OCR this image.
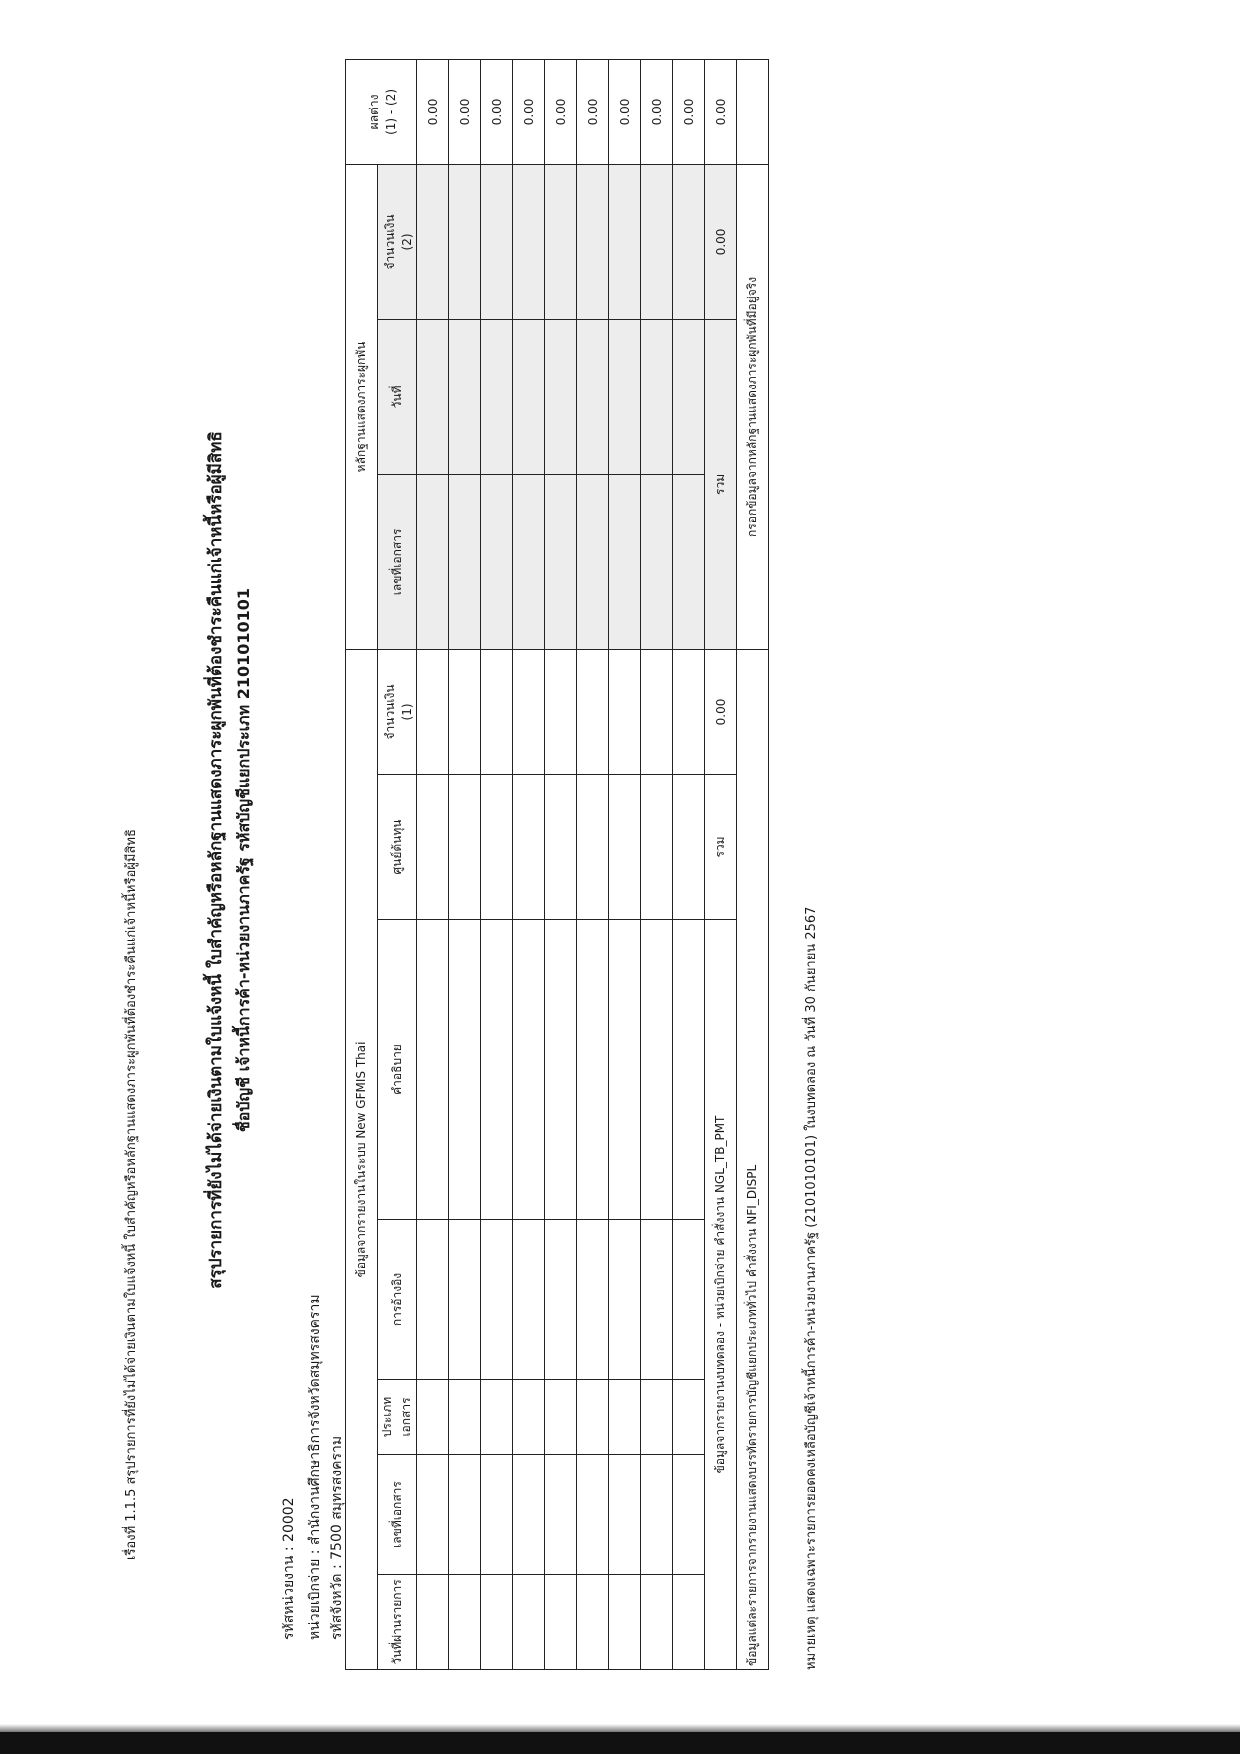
เรื่องที่ 1.1.5 สรุปรายการที่ยังไม่ได้จ่ายเงินตามใบแจ้งหนี้ ใบสำคัญหรือหลักฐานแสดงภาระผูกพันที่ต้องชำระคืนแก่เจ้าหนี้หรือผู้มีสิทธิ	สรุปรายการที่ยังไม่ได้จ่ายเงินตามใบแจ้งหนี้ ใบสำคัญหรือหลักฐานแสดงภาระผูกพันที่ต้องชำระคืนแก่เจ้าหนี้หรือผู้มีสิทธิ ชื่อบัญชี เจ้าหนี้การค้า-หน่วยงานภาครัฐ รหัสบัญชีแยกประเภท 2101010101
รหัสหน่วยงาน : 20002 หน่วยเบิกจ่าย : สำนักงานศึกษาธิการจังหวัดสมุทรสงคราม รหัสจังหวัด : 7500 สมุทรสงคราม
ข้อมูลจากรายงานในระบบ New GFMIS Thai							หลักฐานแสดงภาระผูกพัน			ผลต่าง (1) - (2)
วันที่ผ่านรายการ	เลขที่เอกสาร	ประเภทเอกสาร	การอ้างอิง	คำอธิบาย	ศูนย์ต้นทุน	จำนวนเงิน (1)	เลขที่เอกสาร	วันที่	จำนวนเงิน (2)	
										0.00
										0.00
										0.00
										0.00
										0.00
										0.00
										0.00
										0.00
										0.00
ข้อมูลจากรายงานงบทดลอง - หน่วยเบิกจ่าย คำสั่งงาน NGL_TB_PMT					รวม	0.00	รวม		0.00	0.00
ข้อมูลแต่ละรายการจากรายงานแสดงบรรทัดรายการบัญชีแยกประเภททั่วไป คำสั่งงาน NFI_DISPL							กรอกข้อมูลจากหลักฐานแสดงภาระผูกพันที่มีอยู่จริง			
หมายเหตุ แสดงเฉพาะรายการยอดคงเหลือบัญชีเจ้าหนี้การค้า-หน่วยงานภาครัฐ (2101010101) ในงบทดลอง ณ วันที่ 30 กันยายน 2567
